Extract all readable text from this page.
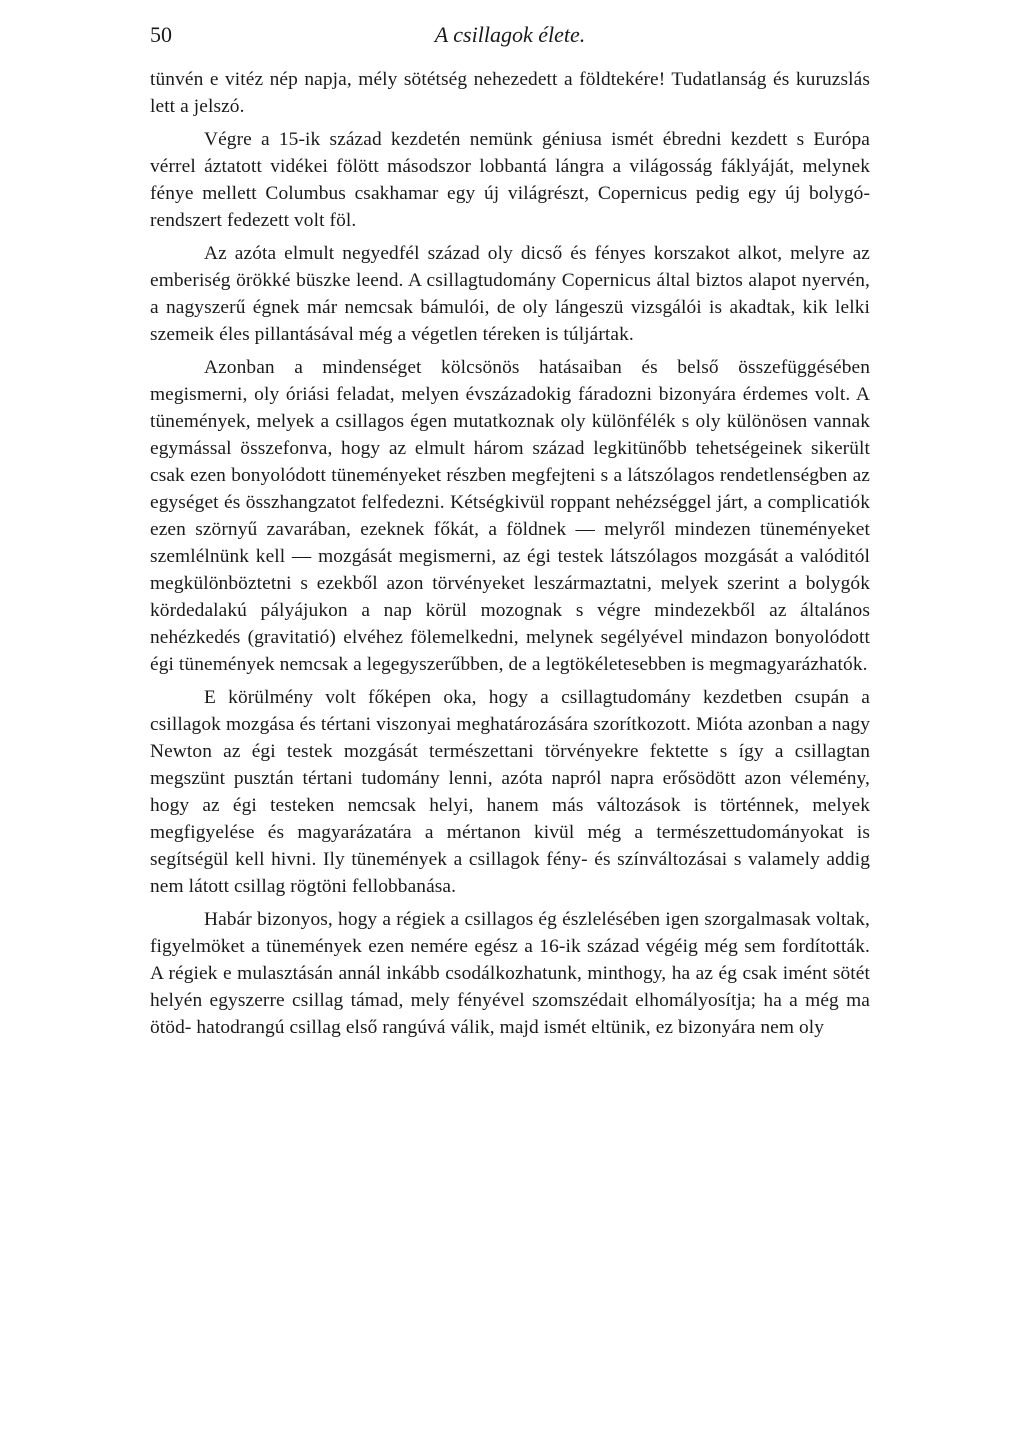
50	A csillagok élete.

tünvén e vitéz nép napja, mély sötétség nehezedett a földtekére! Tudatlanság és kuruzslás lett a jelszó.

Végre a 15-ik század kezdetén nemünk géniusa ismét ébredni kezdett s Európa vérrel áztatott vidékei fölött másodszor lobbantá lángra a világosság fáklyáját, melynek fénye mellett Columbus csakhamar egy új világrészt, Copernicus pedig egy új bolygó-rendszert fedezett volt föl.

Az azóta elmult negyedfél század oly dicső és fényes korszakot alkot, melyre az emberiség örökké büszke leend. A csillagtudomány Copernicus által biztos alapot nyervén, a nagyszerű égnek már nemcsak bámulói, de oly lángeszü vizsgálói is akadtak, kik lelki szemeik éles pillantásával még a végetlen téreken is túljártak.

Azonban a mindenséget kölcsönös hatásaiban és belső összefüggésében megismerni, oly óriási feladat, melyen évszázadokig fáradozni bizonyára érdemes volt. A tünemények, melyek a csillagos égen mutatkoznak oly különfélék s oly különösen vannak egymással összefonva, hogy az elmult három század legkitünőbb tehetségeinek sikerült csak ezen bonyolódott tüneményeket részben megfejteni s a látszólagos rendetlenségben az egységet és összhangzatot felfedezni. Kétségkivül roppant nehézséggel járt, a complicatiók ezen szörnyű zavarában, ezeknek főkát, a földnek — melyről mindezen tüneményeket szemlélnünk kell — mozgását megismerni, az égi testek látszólagos mozgását a valóditól megkülönböztetni s ezekből azon törvényeket leszármaztatni, melyek szerint a bolygók kördedalakú pályájukon a nap körül mozognak s végre mindezekből az általános nehézkedés (gravitatió) elvéhez fölemelkedni, melynek segélyével mindazon bonyolódott égi tünemények nemcsak a legegyszerűbben, de a legtökéletesebben is megmagyarázhatók.

E körülmény volt főképen oka, hogy a csillagtudomány kezdetben csupán a csillagok mozgása és tértani viszonyai meghatározására szorítkozott. Mióta azonban a nagy Newton az égi testek mozgását természettani törvényekre fektette s így a csillagtan megszünt pusztán tértani tudomány lenni, azóta napról napra erősödött azon vélemény, hogy az égi testeken nemcsak helyi, hanem más változások is történnek, melyek megfigyelése és magyarázatára a mértanon kivül még a természettudományokat is segítségül kell hivni. Ily tünemények a csillagok fény- és színváltozásai s valamely addig nem látott csillag rögtöni fellobbanása.

Habár bizonyos, hogy a régiek a csillagos ég észlelésében igen szorgalmasak voltak, figyelmöket a tünemények ezen nemére egész a 16-ik század végéig még sem fordították. A régiek e mulasztásán annál inkább csodálkozhatunk, minthogy, ha az ég csak imént sötét helyén egyszerre csillag támad, mely fényével szomszédait elhomályosítja; ha a még ma ötöd- hatodrangú csillag első rangúvá válik, majd ismét eltünik, ez bizonyára nem oly
